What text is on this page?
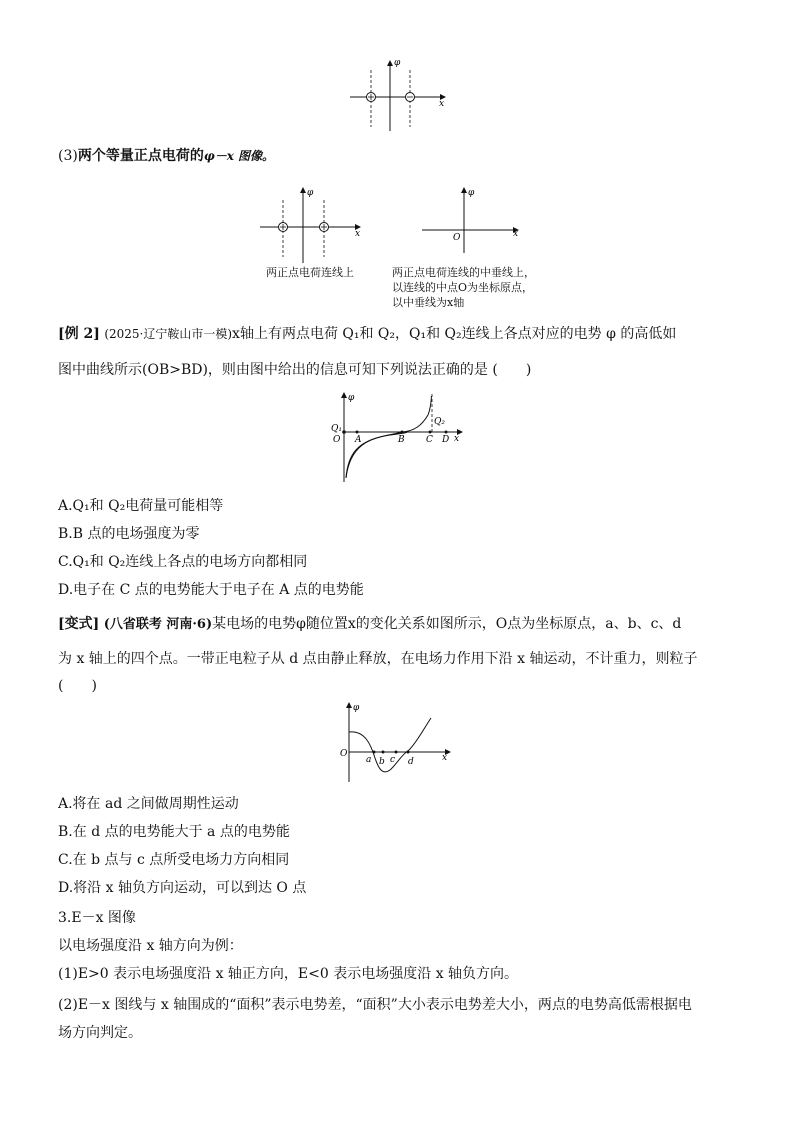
φ
x
(3)两个等量正点电荷的φ－x 图像。
φ
x
两正点电荷连线上
φ
x
O
两正点电荷连线的中垂线上，
以连线的中点O为坐标原点，
以中垂线为x轴
[例 2] (2025·辽宁鞍山市一模)x轴上有两点电荷 Q₁和 Q₂，Q₁和 Q₂连线上各点对应的电势 φ 的高低如
图中曲线所示(OB>BD)，则由图中给出的信息可知下列说法正确的是 (　　)
φ
Q₁
Q₂
O A	B C D x
A.Q₁和 Q₂电荷量可能相等
B.B 点的电场强度为零
C.Q₁和 Q₂连线上各点的电场方向都相同
D.电子在 C 点的电势能大于电子在 A 点的电势能
[变式] (八省联考 河南·6)某电场的电势φ随位置x的变化关系如图所示，O点为坐标原点，a、b、c、d
为 x 轴上的四个点。一带正电粒子从 d 点由静止释放，在电场力作用下沿 x 轴运动，不计重力，则粒子
(　　)
φ
O
a b c d	x
A.将在 ad 之间做周期性运动
B.在 d 点的电势能大于 a 点的电势能
C.在 b 点与 c 点所受电场力方向相同
D.将沿 x 轴负方向运动，可以到达 O 点
3.E－x 图像
以电场强度沿 x 轴方向为例：
(1)E>0 表示电场强度沿 x 轴正方向，E<0 表示电场强度沿 x 轴负方向。
(2)E－x 图线与 x 轴围成的“面积”表示电势差，“面积”大小表示电势差大小，两点的电势高低需根据电
场方向判定。
